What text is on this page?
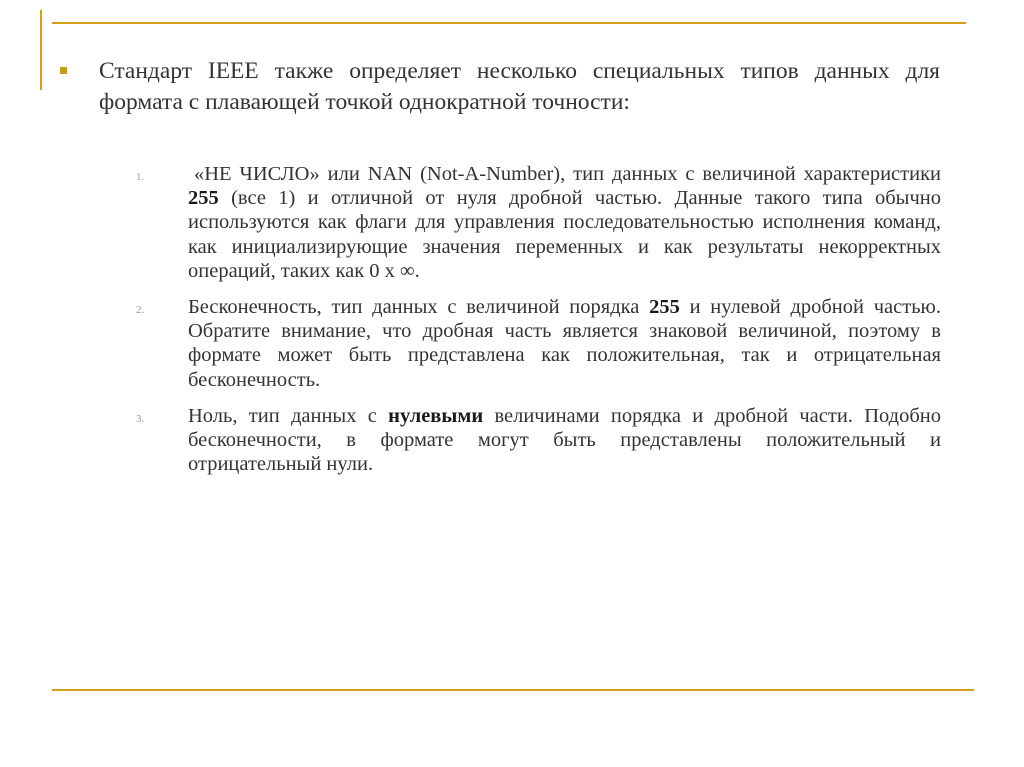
Стандарт IEEE также определяет несколько специальных типов данных для формата с плавающей точкой однократной точности:
1.	«НЕ ЧИСЛО» или NAN (Not-A-Number), тип данных с величиной характеристики 255 (все 1) и отличной от нуля дробной частью. Данные такого типа обычно используются как флаги для управления последовательностью исполнения команд, как инициализирующие значения переменных и как результаты некорректных операций, таких как 0 х ∞.
2.	Бесконечность, тип данных с величиной порядка 255 и нулевой дробной частью. Обратите внимание, что дробная часть является знаковой величиной, поэтому в формате может быть представлена как положительная, так и отрицательная бесконечность.
3.	Ноль, тип данных с нулевыми величинами порядка и дробной части. Подобно бесконечности, в формате могут быть представлены положительный и отрицательный нули.
